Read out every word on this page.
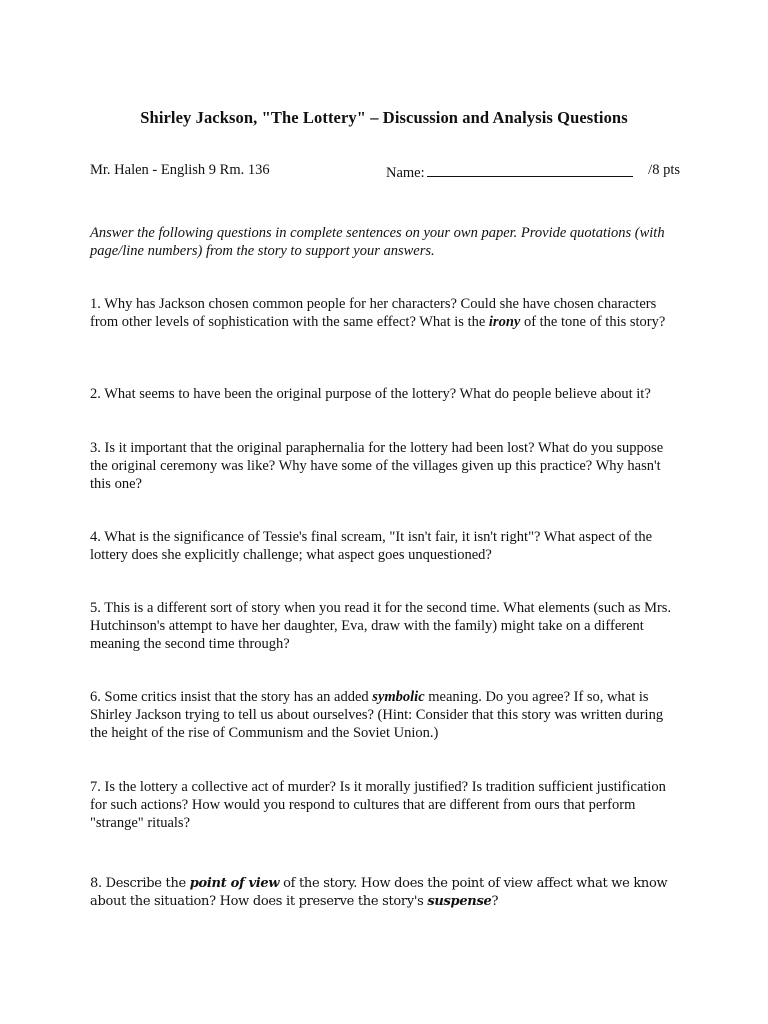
Shirley Jackson, "The Lottery" – Discussion and Analysis Questions
Mr. Halen - English 9 Rm. 136	Name:	/8 pts
Answer the following questions in complete sentences on your own paper. Provide quotations (with page/line numbers) from the story to support your answers.
1. Why has Jackson chosen common people for her characters? Could she have chosen characters from other levels of sophistication with the same effect? What is the irony of the tone of this story?
2. What seems to have been the original purpose of the lottery? What do people believe about it?
3. Is it important that the original paraphernalia for the lottery had been lost? What do you suppose the original ceremony was like? Why have some of the villages given up this practice? Why hasn't this one?
4. What is the significance of Tessie's final scream, "It isn't fair, it isn't right"? What aspect of the lottery does she explicitly challenge; what aspect goes unquestioned?
5. This is a different sort of story when you read it for the second time. What elements (such as Mrs. Hutchinson's attempt to have her daughter, Eva, draw with the family) might take on a different meaning the second time through?
6. Some critics insist that the story has an added symbolic meaning. Do you agree? If so, what is Shirley Jackson trying to tell us about ourselves? (Hint: Consider that this story was written during the height of the rise of Communism and the Soviet Union.)
7. Is the lottery a collective act of murder? Is it morally justified? Is tradition sufficient justification for such actions? How would you respond to cultures that are different from ours that perform "strange" rituals?
8. Describe the point of view of the story. How does the point of view affect what we know about the situation? How does it preserve the story's suspense?
